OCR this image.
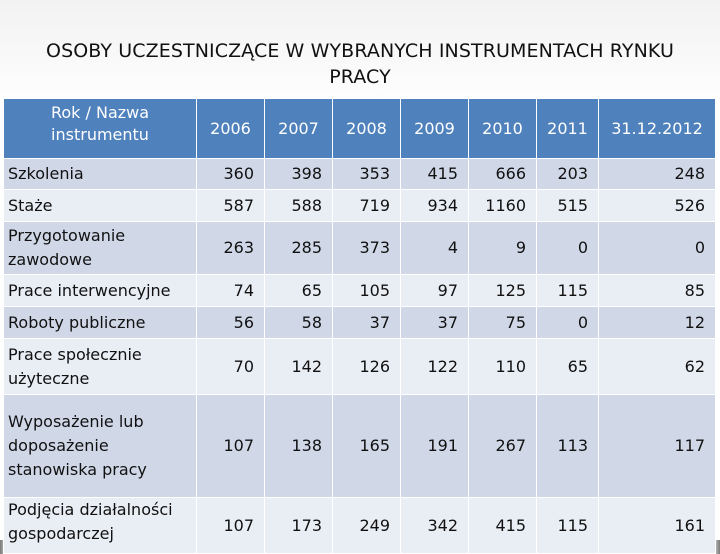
OSOBY UCZESTNICZĄCE W WYBRANYCH INSTRUMENTACH RYNKU PRACY
Rok / Nazwa instrumentu	2006	2007	2008	2009	2010	2011	31.12.2012
Szkolenia	360	398	353	415	666	203	248
Staże	587	588	719	934	1160	515	526
Przygotowanie zawodowe	263	285	373	4	9	0	0
Prace interwencyjne	74	65	105	97	125	115	85
Roboty publiczne	56	58	37	37	75	0	12
Prace społecznie użyteczne	70	142	126	122	110	65	62
Wyposażenie lub doposażenie stanowiska pracy	107	138	165	191	267	113	117
Podjęcia działalności gospodarczej	107	173	249	342	415	115	161
